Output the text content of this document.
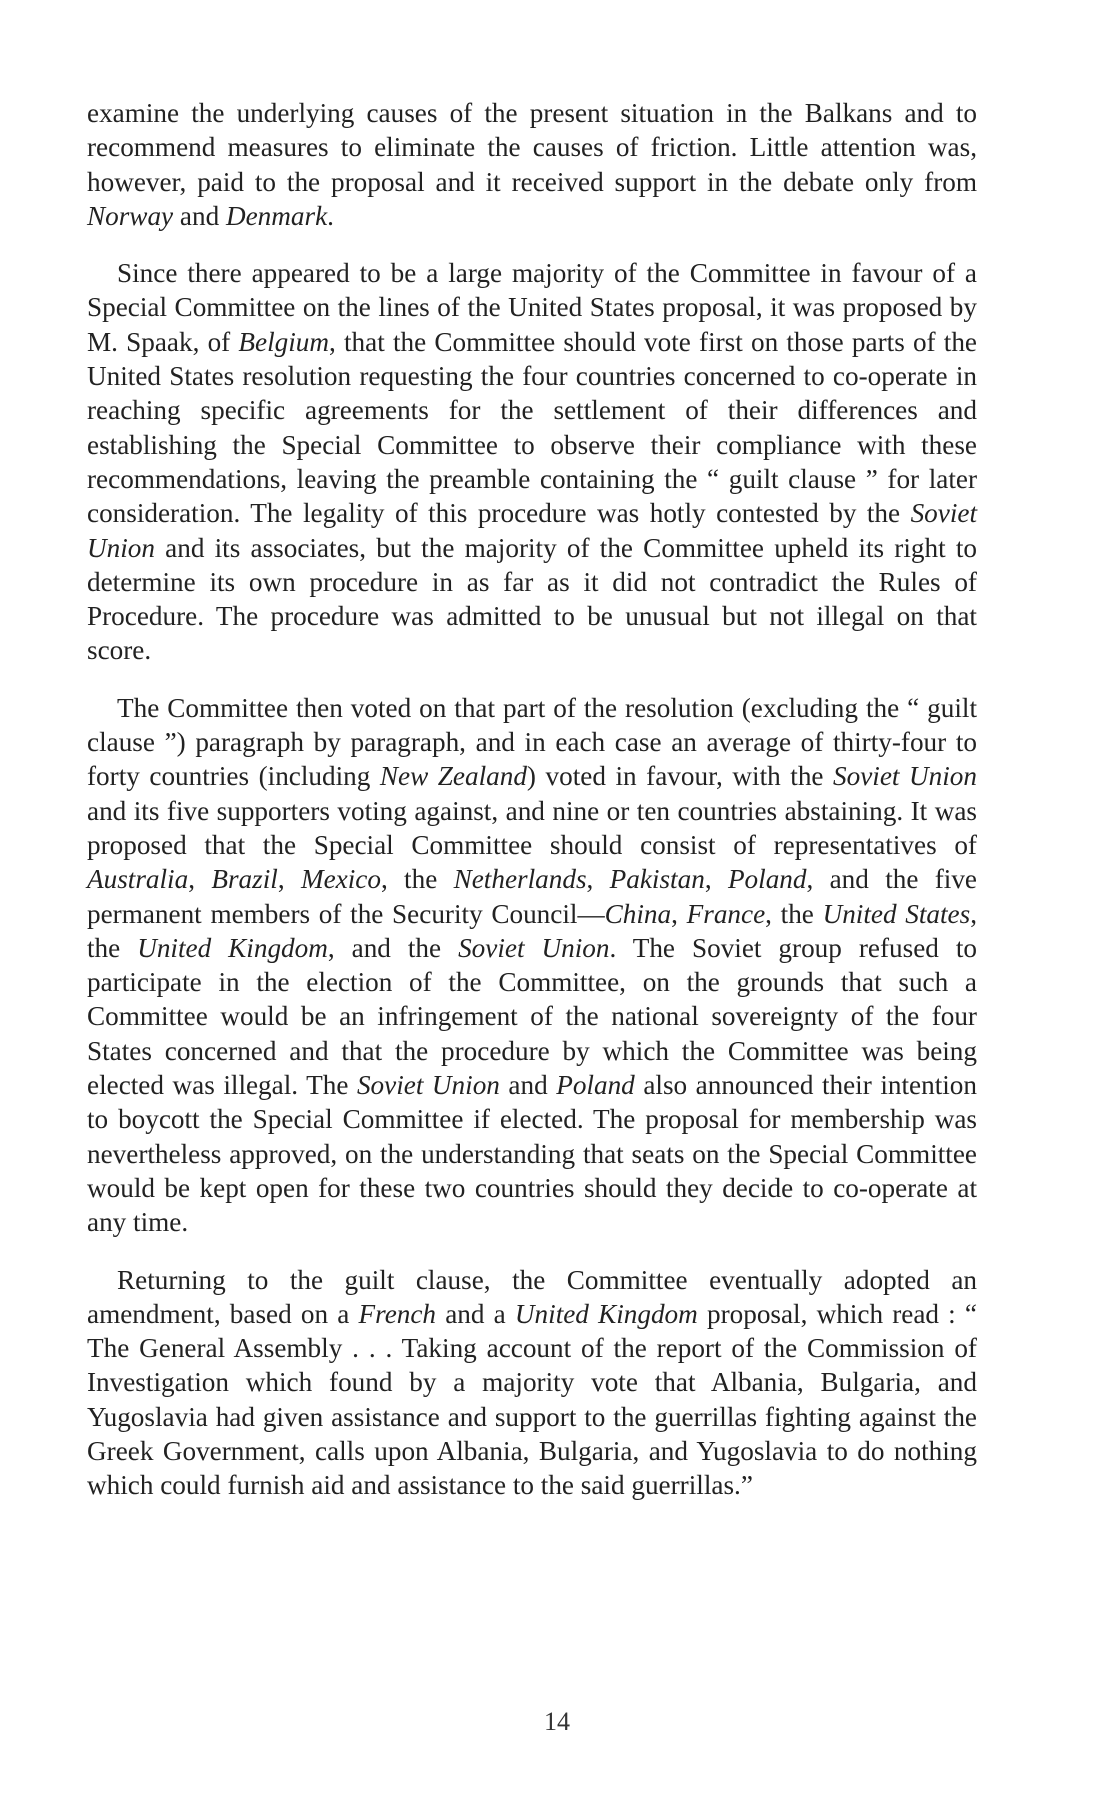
examine the underlying causes of the present situation in the Balkans and to recommend measures to eliminate the causes of friction. Little attention was, however, paid to the proposal and it received support in the debate only from Norway and Denmark.

Since there appeared to be a large majority of the Committee in favour of a Special Committee on the lines of the United States proposal, it was proposed by M. Spaak, of Belgium, that the Committee should vote first on those parts of the United States resolution requesting the four countries concerned to co-operate in reaching specific agreements for the settlement of their differences and establishing the Special Committee to observe their compliance with these recommendations, leaving the preamble containing the “ guilt clause ” for later consideration. The legality of this procedure was hotly contested by the Soviet Union and its associates, but the majority of the Committee upheld its right to determine its own procedure in as far as it did not contradict the Rules of Procedure. The procedure was admitted to be unusual but not illegal on that score.

The Committee then voted on that part of the resolution (excluding the “ guilt clause ”) paragraph by paragraph, and in each case an average of thirty-four to forty countries (including New Zealand) voted in favour, with the Soviet Union and its five supporters voting against, and nine or ten countries abstaining. It was proposed that the Special Committee should consist of representatives of Australia, Brazil, Mexico, the Netherlands, Pakistan, Poland, and the five permanent members of the Security Council—China, France, the United States, the United Kingdom, and the Soviet Union. The Soviet group refused to participate in the election of the Committee, on the grounds that such a Committee would be an infringement of the national sovereignty of the four States concerned and that the procedure by which the Committee was being elected was illegal. The Soviet Union and Poland also announced their intention to boycott the Special Committee if elected. The proposal for membership was nevertheless approved, on the understanding that seats on the Special Committee would be kept open for these two countries should they decide to co-operate at any time.

Returning to the guilt clause, the Committee eventually adopted an amendment, based on a French and a United Kingdom proposal, which read : “ The General Assembly . . . Taking account of the report of the Commission of Investigation which found by a majority vote that Albania, Bulgaria, and Yugoslavia had given assistance and support to the guerrillas fighting against the Greek Government, calls upon Albania, Bulgaria, and Yugoslavia to do nothing which could furnish aid and assistance to the said guerrillas.”

14
